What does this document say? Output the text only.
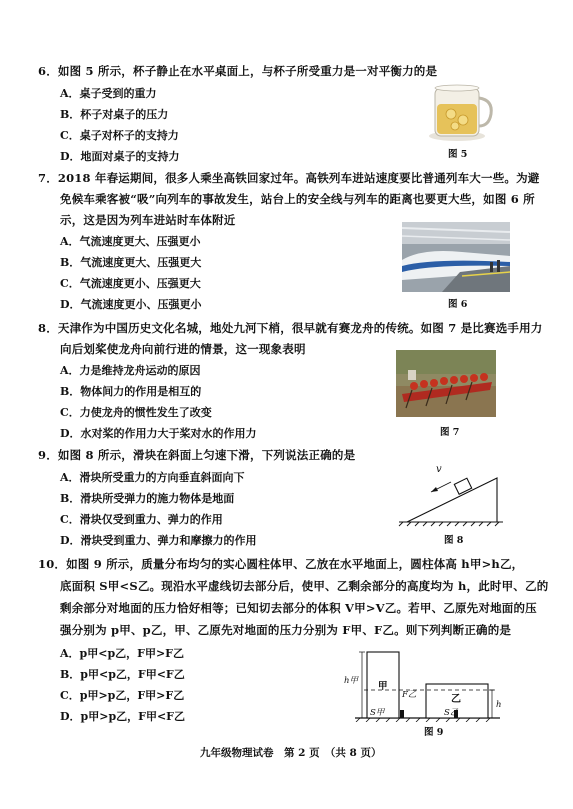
6．如图 5 所示，杯子静止在水平桌面上，与杯子所受重力是一对平衡力的是
A．桌子受到的重力
B．杯子对桌子的压力
C．桌子对杯子的支持力
D．地面对桌子的支持力	图 5
7．2018 年春运期间，很多人乘坐高铁回家过年。高铁列车进站速度要比普通列车大一些。为避
免候车乘客被“吸”向列车的事故发生，站台上的安全线与列车的距离也要更大些，如图 6 所
示，这是因为列车进站时车体附近
A．气流速度更大、压强更小
B．气流速度更大、压强更大
C．气流速度更小、压强更大
D．气流速度更小、压强更小	图 6
8．天津作为中国历史文化名城，地处九河下梢，很早就有赛龙舟的传统。如图 7 是比赛选手用力
向后划桨使龙舟向前行进的情景，这一现象表明
A．力是维持龙舟运动的原因
B．物体间力的作用是相互的
C．力使龙舟的惯性发生了改变
D．水对桨的作用力大于桨对水的作用力	图 7
9．如图 8 所示，滑块在斜面上匀速下滑，下列说法正确的是
A．滑块所受重力的方向垂直斜面向下
B．滑块所受弹力的施力物体是地面
C．滑块仅受到重力、弹力的作用
D．滑块受到重力、弹力和摩擦力的作用
v
图 8
10．如图 9 所示，质量分布均匀的实心圆柱体甲、乙放在水平地面上，圆柱体高 h甲>h乙，
底面积 S甲<S乙。现沿水平虚线切去部分后，使甲、乙剩余部分的高度均为 h，此时甲、乙的
剩余部分对地面的压力恰好相等；已知切去部分的体积 V甲>V乙。若甲、乙原先对地面的压
强分别为 p甲、p乙，甲、乙原先对地面的压力分别为 F甲、F乙。则下列判断正确的是
A．p甲<p乙，F甲>F乙
B．p甲<p乙，F甲<F乙
C．p甲>p乙，F甲>F乙
D．p甲>p乙，F甲<F乙
h甲 甲
乙
F乙
S甲	S乙
h
图 9
九年级物理试卷　第 2 页　（共 8 页）
